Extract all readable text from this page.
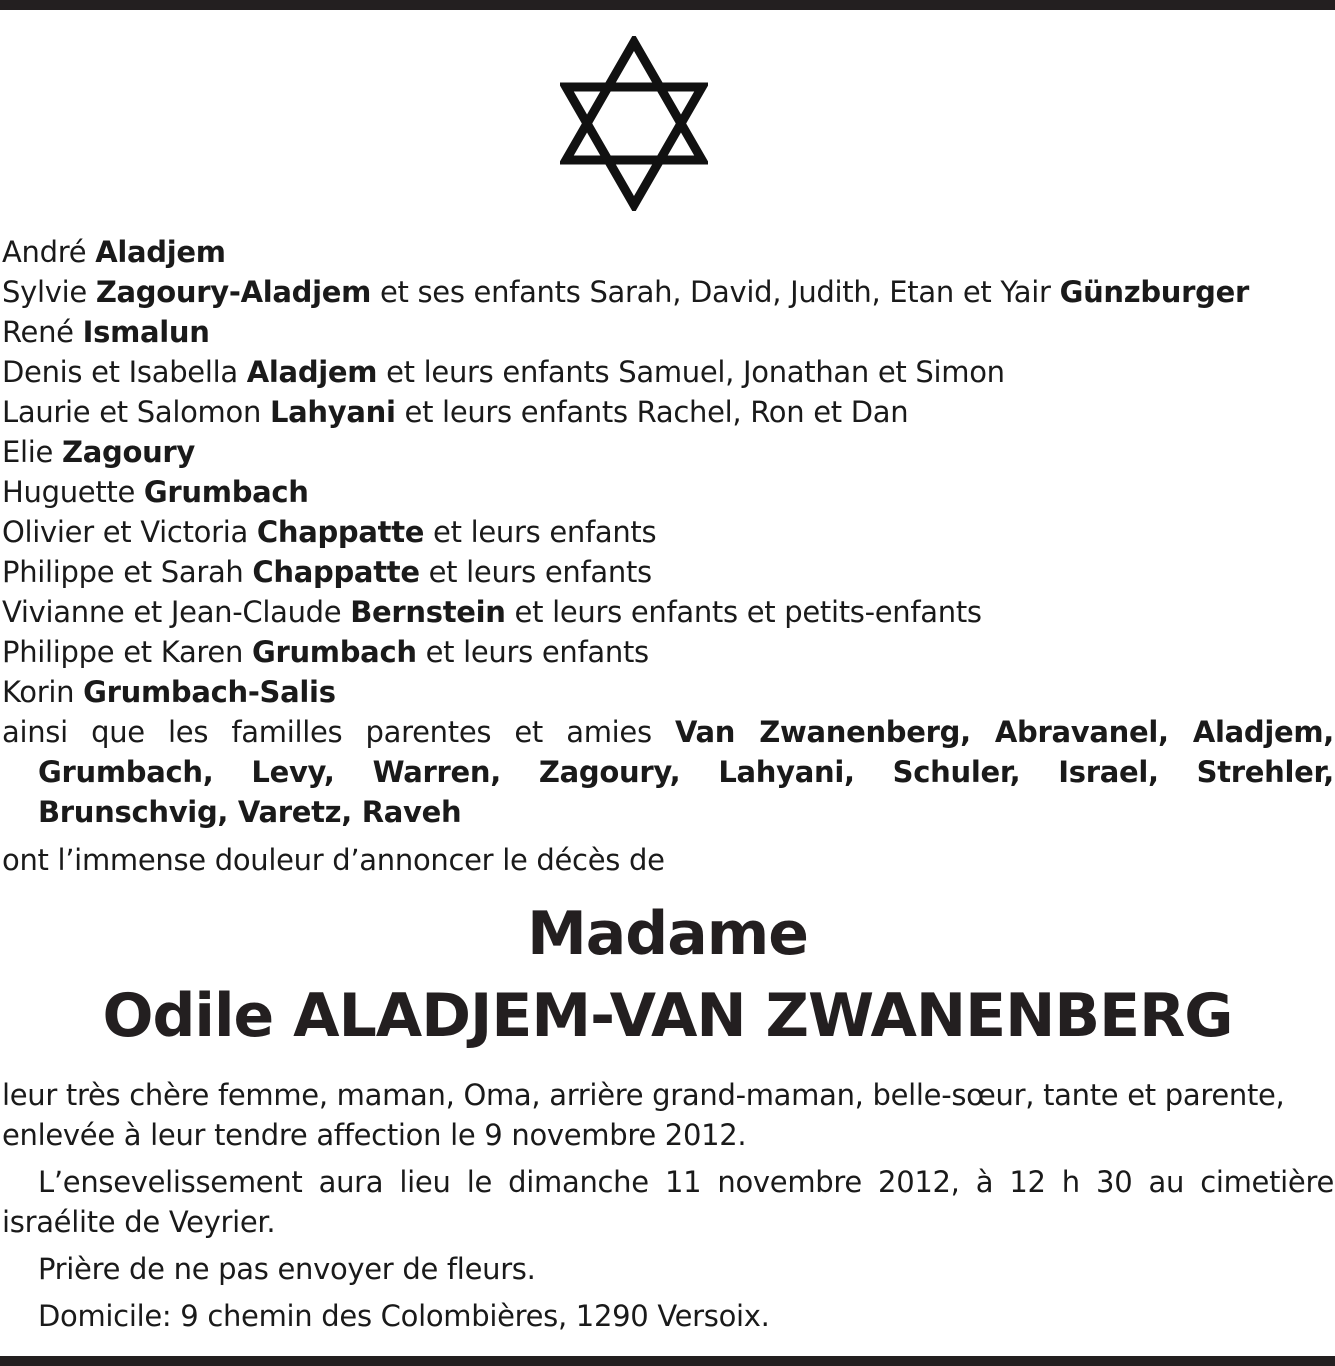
André Aladjem
Sylvie Zagoury-Aladjem et ses enfants Sarah, David, Judith, Etan et Yair Günzburger
René Ismalun
Denis et Isabella Aladjem et leurs enfants Samuel, Jonathan et Simon
Laurie et Salomon Lahyani et leurs enfants Rachel, Ron et Dan
Elie Zagoury
Huguette Grumbach
Olivier et Victoria Chappatte et leurs enfants
Philippe et Sarah Chappatte et leurs enfants
Vivianne et Jean-Claude Bernstein et leurs enfants et petits-enfants
Philippe et Karen Grumbach et leurs enfants
Korin Grumbach-Salis
ainsi que les familles parentes et amies Van Zwanenberg, Abravanel, Aladjem, Grumbach, Levy, Warren, Zagoury, Lahyani, Schuler, Israel, Strehler, Brunschvig, Varetz, Raveh
ont l’immense douleur d’annoncer le décès de
Madame
Odile ALADJEM-VAN ZWANENBERG

leur très chère femme, maman, Oma, arrière grand-maman, belle-sœur, tante et parente, enlevée à leur tendre affection le 9 novembre 2012.

L’ensevelissement aura lieu le dimanche 11 novembre 2012, à 12 h 30 au cimetière israélite de Veyrier.

Prière de ne pas envoyer de fleurs.

Domicile: 9 chemin des Colombières, 1290 Versoix.
